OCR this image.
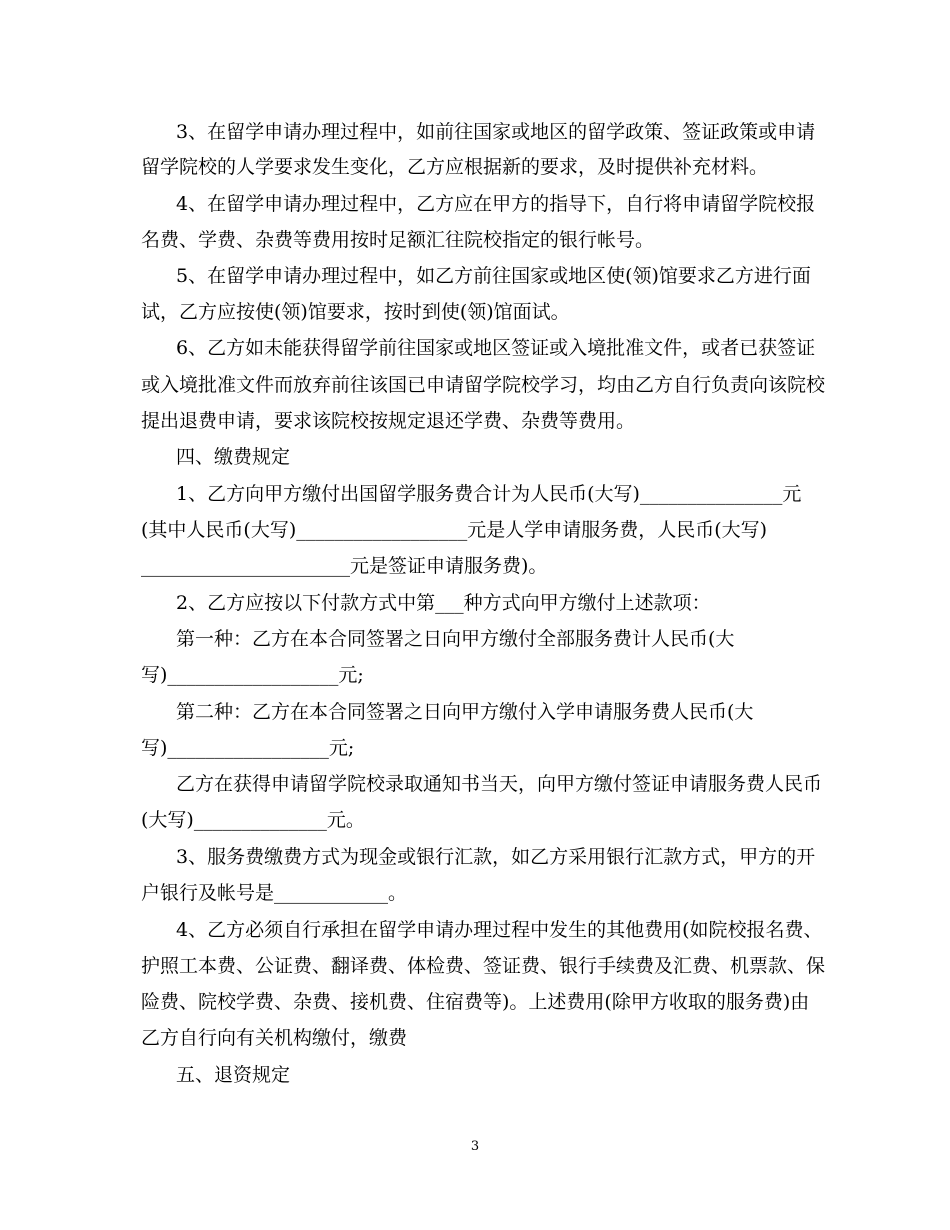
3、在留学申请办理过程中，如前往国家或地区的留学政策、签证政策或申请
留学院校的人学要求发生变化，乙方应根据新的要求，及时提供补充材料。
4、在留学申请办理过程中，乙方应在甲方的指导下，自行将申请留学院校报
名费、学费、杂费等费用按时足额汇往院校指定的银行帐号。
5、在留学申请办理过程中，如乙方前往国家或地区使(领)馆要求乙方进行面
试，乙方应按使(领)馆要求，按时到使(领)馆面试。
6、乙方如未能获得留学前往国家或地区签证或入境批准文件，或者已获签证
或入境批准文件而放弃前往该国已申请留学院校学习，均由乙方自行负责向该院校
提出退费申请，要求该院校按规定退还学费、杂费等费用。
四、缴费规定
1、乙方向甲方缴付出国留学服务费合计为人民币(大写)_______________元
(其中人民币(大写)__________________元是人学申请服务费，人民币(大写)
______________________元是签证申请服务费)。
2、乙方应按以下付款方式中第___种方式向甲方缴付上述款项：
第一种：乙方在本合同签署之日向甲方缴付全部服务费计人民币(大
写)__________________元;
第二种：乙方在本合同签署之日向甲方缴付入学申请服务费人民币(大
写)_________________元;
乙方在获得申请留学院校录取通知书当天，向甲方缴付签证申请服务费人民币
(大写)______________元。
3、服务费缴费方式为现金或银行汇款，如乙方采用银行汇款方式，甲方的开
户银行及帐号是____________。
4、乙方必须自行承担在留学申请办理过程中发生的其他费用(如院校报名费、
护照工本费、公证费、翻译费、体检费、签证费、银行手续费及汇费、机票款、保
险费、院校学费、杂费、接机费、住宿费等)。上述费用(除甲方收取的服务费)由
乙方自行向有关机构缴付，缴费
五、退资规定
3
